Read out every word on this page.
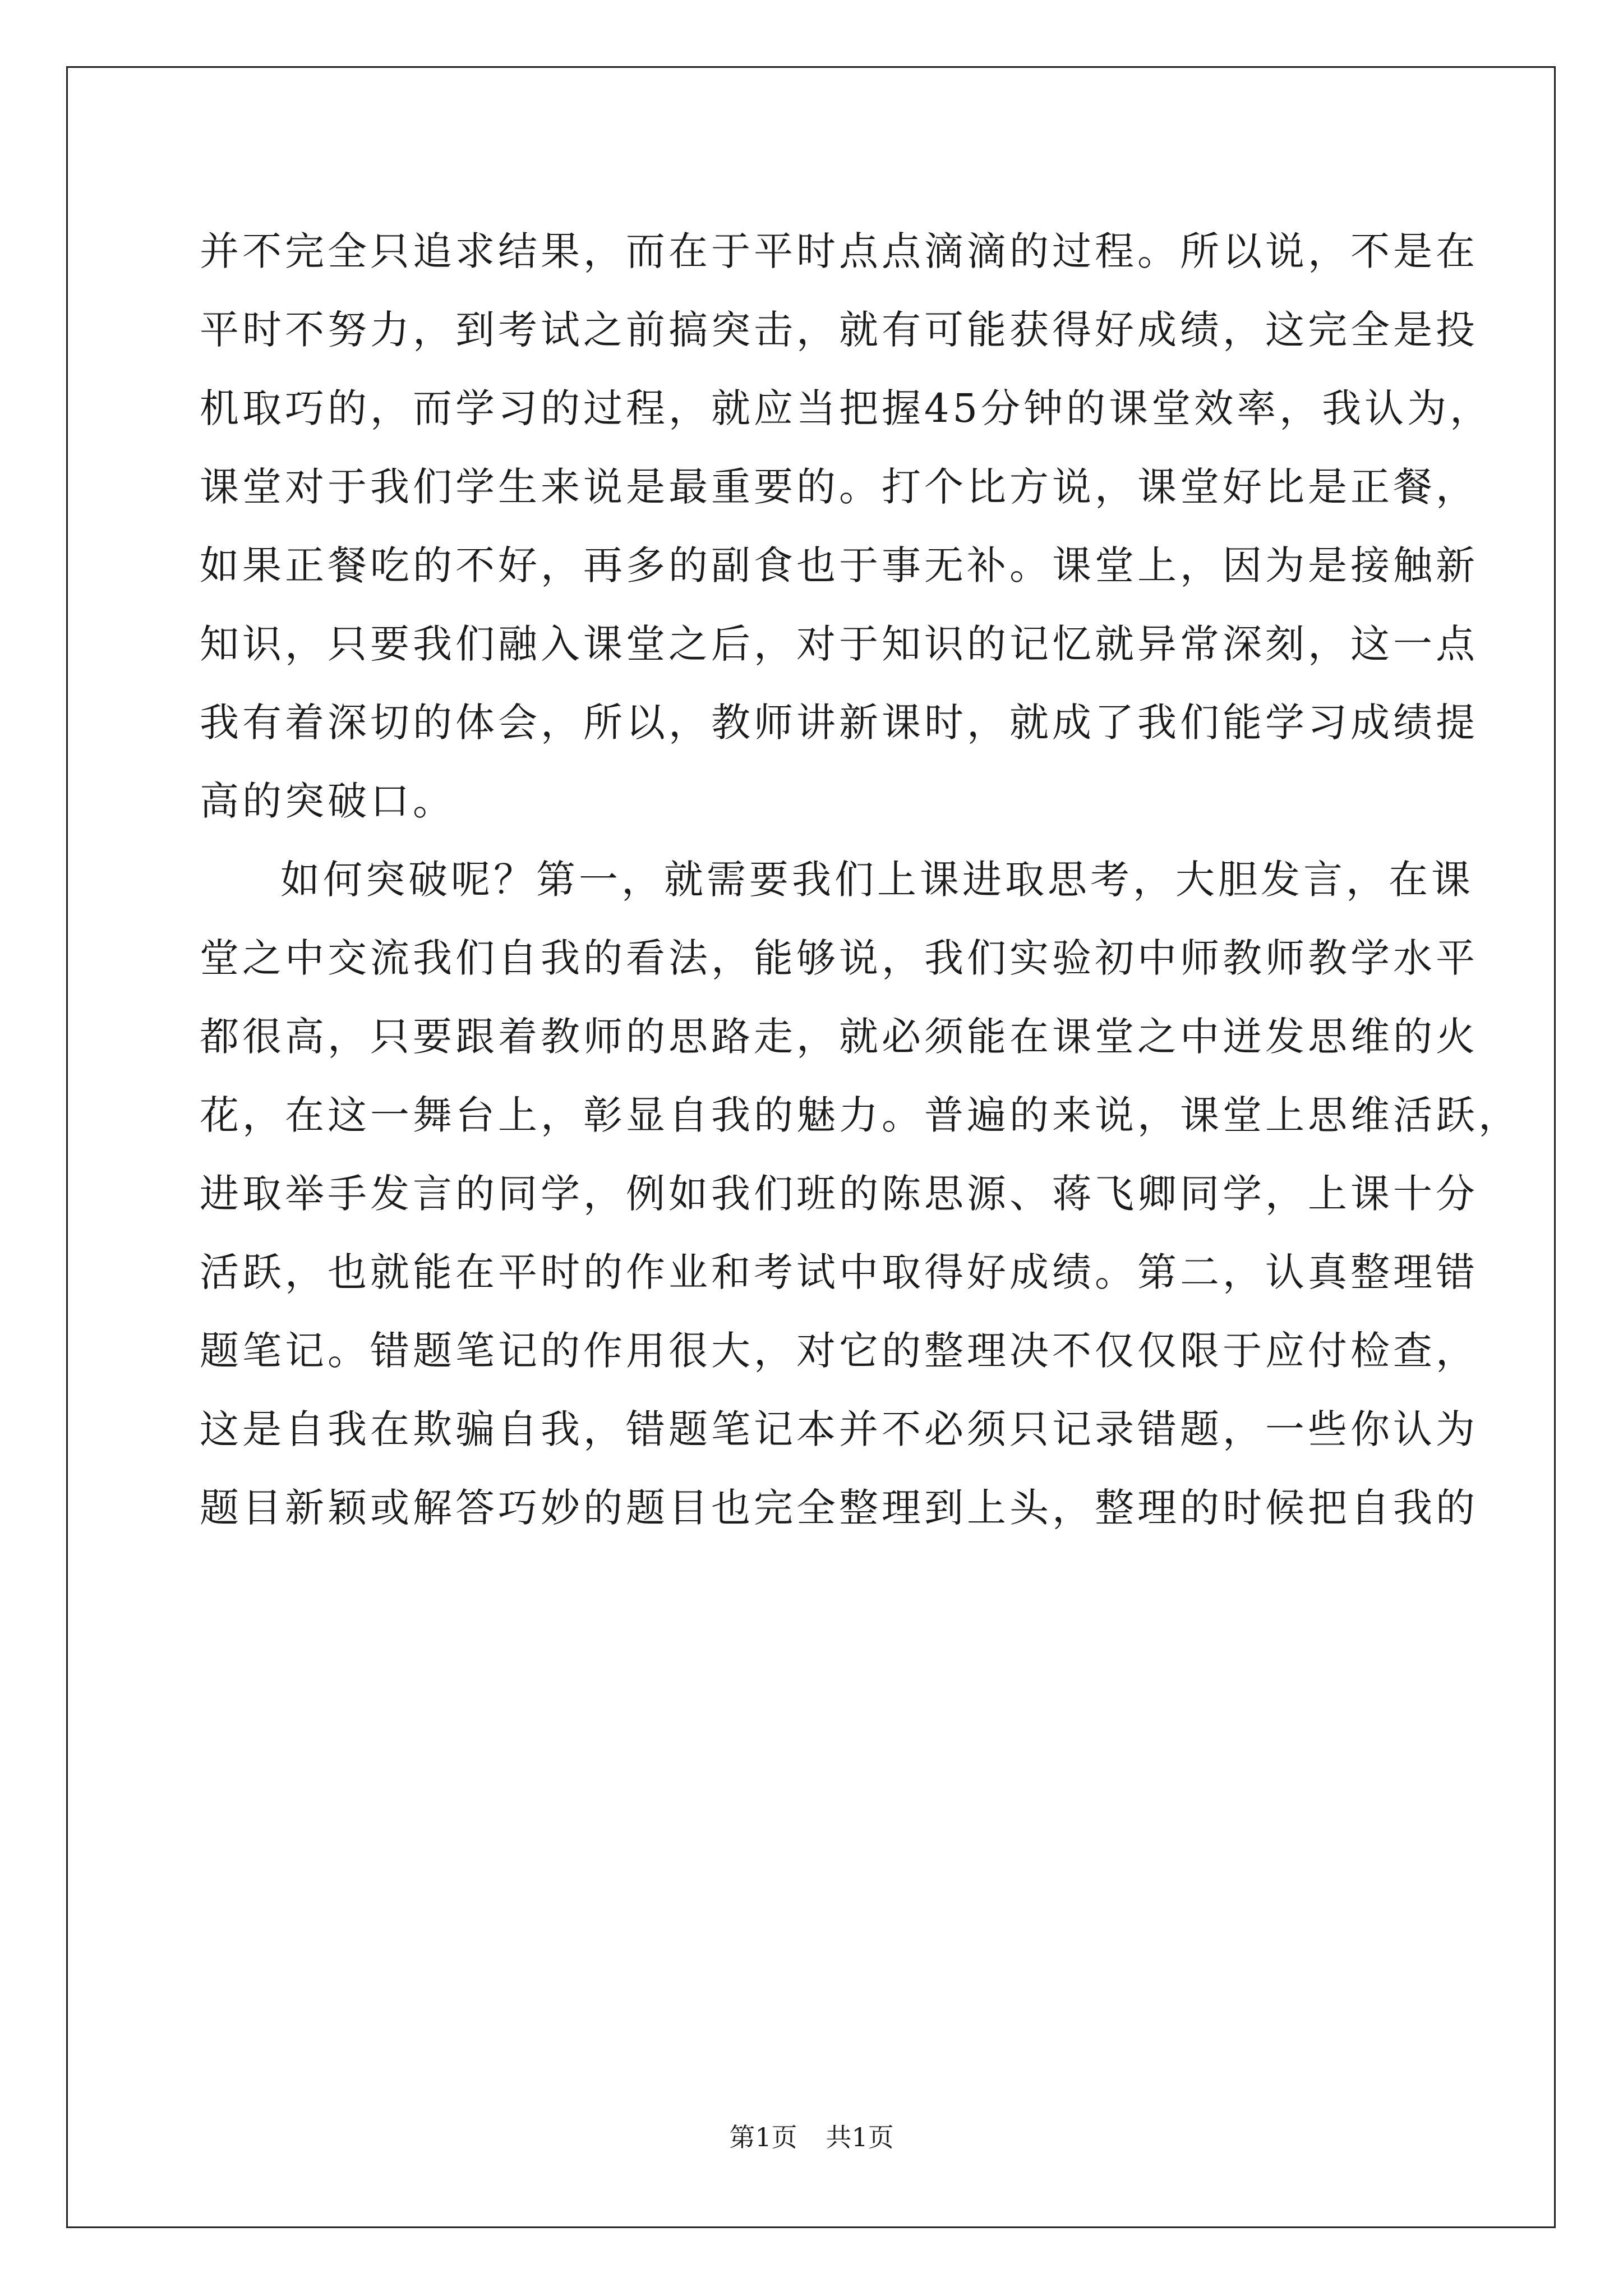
并不完全只追求结果，而在于平时点点滴滴的过程。所以说，不是在
平时不努力，到考试之前搞突击，就有可能获得好成绩，这完全是投
机取巧的，而学习的过程，就应当把握45分钟的课堂效率，我认为，
课堂对于我们学生来说是最重要的。打个比方说，课堂好比是正餐，
如果正餐吃的不好，再多的副食也于事无补。课堂上，因为是接触新
知识，只要我们融入课堂之后，对于知识的记忆就异常深刻，这一点
我有着深切的体会，所以，教师讲新课时，就成了我们能学习成绩提
高的突破口。
如何突破呢？第一，就需要我们上课进取思考，大胆发言，在课
堂之中交流我们自我的看法，能够说，我们实验初中师教师教学水平
都很高，只要跟着教师的思路走，就必须能在课堂之中迸发思维的火
花，在这一舞台上，彰显自我的魅力。普遍的来说，课堂上思维活跃，
进取举手发言的同学，例如我们班的陈思源、蒋飞卿同学，上课十分
活跃，也就能在平时的作业和考试中取得好成绩。第二，认真整理错
题笔记。错题笔记的作用很大，对它的整理决不仅仅限于应付检查，
这是自我在欺骗自我，错题笔记本并不必须只记录错题，一些你认为
题目新颖或解答巧妙的题目也完全整理到上头，整理的时候把自我的
第1页 共1页
